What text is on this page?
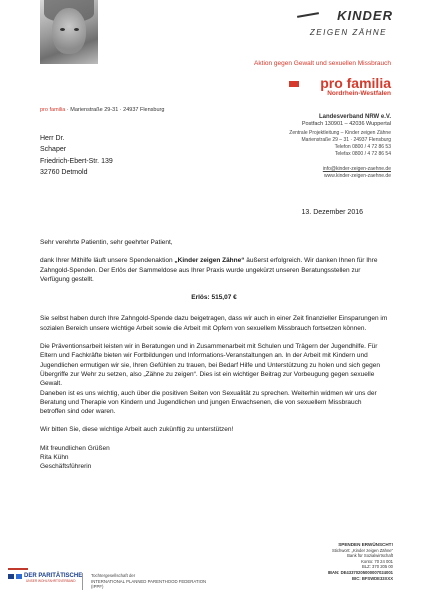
KINDER
ZEIGEN ZÄHNE
Aktion gegen Gewalt und sexuellen Missbrauch
pro familia
Nordrhein-Westfalen
pro familia · Marienstraße 29-31 · 24937 Flensburg
Landesverband NRW e.V.
Postfach 130901 – 42036 Wuppertal
Zentrale Projektleitung – Kinder zeigen Zähne
Marienstraße 29 – 31 · 24937 Flensburg
Telefon 0800 / 4 72 86 53
Telefax 0800 / 4 72 86 54
info@kinder-zeigen-zaehne.de
www.kinder-zeigen-zaehne.de
Herr Dr.
Schaper
Friedrich-Ebert-Str. 139
32760 Detmold
13. Dezember 2016

Sehr verehrte Patientin, sehr geehrter Patient,

dank Ihrer Mithilfe läuft unsere Spendenaktion „Kinder zeigen Zähne“ äußerst erfolgreich. Wir danken Ihnen für Ihre Zahngold-Spenden. Der Erlös der Sammeldose aus Ihrer Praxis wurde ungekürzt unseren Beratungsstellen zur Verfügung gestellt.

Erlös: 515,07 €

Sie selbst haben durch Ihre Zahngold-Spende dazu beigetragen, dass wir auch in einer Zeit finanzieller Einsparungen im sozialen Bereich unsere wichtige Arbeit sowie die Arbeit mit Opfern von sexuellem Missbrauch fortsetzen können.

Die Präventionsarbeit leisten wir in Beratungen und in Zusammenarbeit mit Schulen und Trägern der Jugendhilfe. Für Eltern und Fachkräfte bieten wir Fortbildungen und Informations-Veranstaltungen an. In der Arbeit mit Kindern und Jugendlichen ermutigen wir sie, Ihren Gefühlen zu trauen, bei Bedarf Hilfe und Unterstützung zu holen und sich gegen Übergriffe zur Wehr zu setzen, also „Zähne zu zeigen“. Dies ist ein wichtiger Beitrag zur Vorbeugung gegen sexuelle Gewalt.

Daneben ist es uns wichtig, auch über die positiven Seiten von Sexualität zu sprechen. Weiterhin widmen wir uns der Beratung und Therapie von Kindern und Jugendlichen und jungen Erwachsenen, die von sexuellem Missbrauch betroffen sind oder waren.

Wir bitten Sie, diese wichtige Arbeit auch zukünftig zu unterstützen!

Mit freundlichen Grüßen
Rita Kühn
Geschäftsführerin
DER PARITÄTISCHE
UNSER WOHLFAHRTSVERBAND
Tochtergesellschaft der
INTERNATIONAL PLANNED PARENTHOOD FEDERATION
(IPPF)
SPENDEN ERWÜNSCHT!
Stichwort: „Kinder zeigen Zähne“
Bank für Sozialwirtschaft
Konto: 70 24 001
BLZ: 370 205 00
IBAN: DE43370205000007024001
BIC: BFSWDE33XXX
